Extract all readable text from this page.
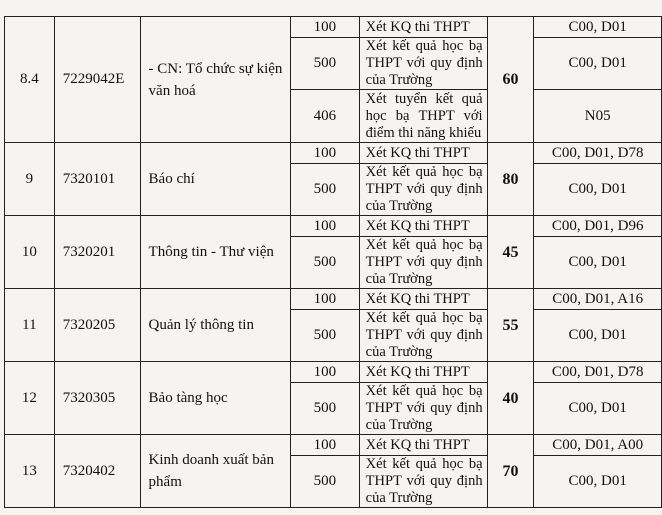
8.4	7229042E	- CN: Tổ chức sự kiện văn hoá	100	Xét KQ thi THPT	60	C00, D01
			500	Xét kết quả học bạ THPT với quy định của Trường		C00, D01
			406	Xét tuyển kết quả học bạ THPT với điểm thi năng khiếu		N05
9	7320101	Báo chí	100	Xét KQ thi THPT	80	C00, D01, D78
			500	Xét kết quả học bạ THPT với quy định của Trường		C00, D01
10	7320201	Thông tin - Thư viện	100	Xét KQ thi THPT	45	C00, D01, D96
			500	Xét kết quả học bạ THPT với quy định của Trường		C00, D01
11	7320205	Quản lý thông tin	100	Xét KQ thi THPT	55	C00, D01, A16
			500	Xét kết quả học bạ THPT với quy định của Trường		C00, D01
12	7320305	Bảo tàng học	100	Xét KQ thi THPT	40	C00, D01, D78
			500	Xét kết quả học bạ THPT với quy định của Trường		C00, D01
13	7320402	Kinh doanh xuất bản phẩm	100	Xét KQ thi THPT	70	C00, D01, A00
			500	Xét kết quả học bạ THPT với quy định của Trường		C00, D01
